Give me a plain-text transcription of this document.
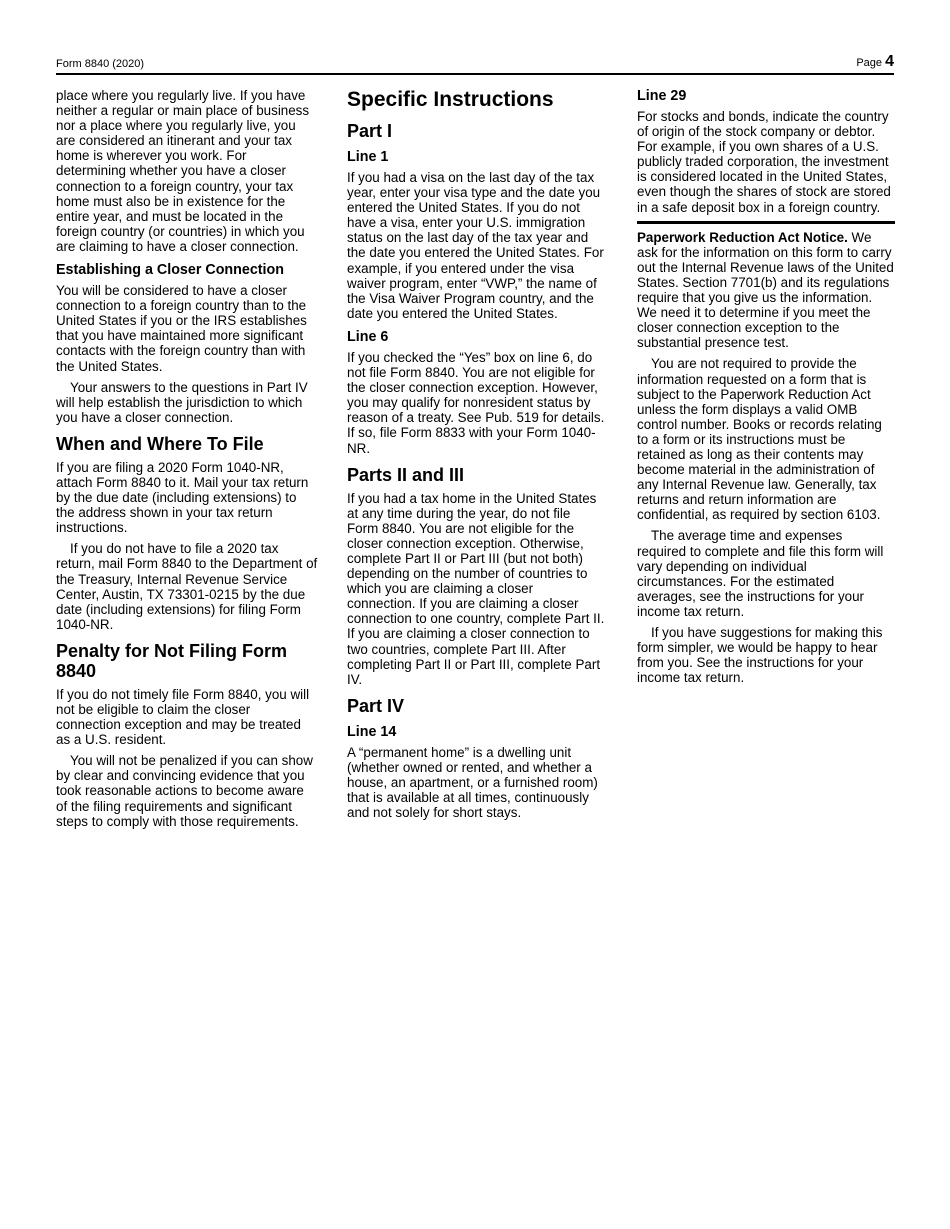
Form 8840 (2020)	Page 4

place where you regularly live. If you have neither a regular or main place of business nor a place where you regularly live, you are considered an itinerant and your tax home is wherever you work. For determining whether you have a closer connection to a foreign country, your tax home must also be in existence for the entire year, and must be located in the foreign country (or countries) in which you are claiming to have a closer connection.

Establishing a Closer Connection

You will be considered to have a closer connection to a foreign country than to the United States if you or the IRS establishes that you have maintained more significant contacts with the foreign country than with the United States.

Your answers to the questions in Part IV will help establish the jurisdiction to which you have a closer connection.

When and Where To File

If you are filing a 2020 Form 1040-NR, attach Form 8840 to it. Mail your tax return by the due date (including extensions) to the address shown in your tax return instructions.

If you do not have to file a 2020 tax return, mail Form 8840 to the Department of the Treasury, Internal Revenue Service Center, Austin, TX 73301-0215 by the due date (including extensions) for filing Form 1040-NR.

Penalty for Not Filing Form 8840

If you do not timely file Form 8840, you will not be eligible to claim the closer connection exception and may be treated as a U.S. resident.

You will not be penalized if you can show by clear and convincing evidence that you took reasonable actions to become aware of the filing requirements and significant steps to comply with those requirements.

Specific Instructions
Part I
Line 1

If you had a visa on the last day of the tax year, enter your visa type and the date you entered the United States. If you do not have a visa, enter your U.S. immigration status on the last day of the tax year and the date you entered the United States. For example, if you entered under the visa waiver program, enter “VWP,” the name of the Visa Waiver Program country, and the date you entered the United States.

Line 6

If you checked the “Yes” box on line 6, do not file Form 8840. You are not eligible for the closer connection exception. However, you may qualify for nonresident status by reason of a treaty. See Pub. 519 for details. If so, file Form 8833 with your Form 1040-NR.

Parts II and III

If you had a tax home in the United States at any time during the year, do not file Form 8840. You are not eligible for the closer connection exception. Otherwise, complete Part II or Part III (but not both) depending on the number of countries to which you are claiming a closer connection. If you are claiming a closer connection to one country, complete Part II. If you are claiming a closer connection to two countries, complete Part III. After completing Part II or Part III, complete Part IV.

Part IV
Line 14

A “permanent home” is a dwelling unit (whether owned or rented, and whether a house, an apartment, or a furnished room) that is available at all times, continuously and not solely for short stays.

Line 29

For stocks and bonds, indicate the country of origin of the stock company or debtor. For example, if you own shares of a U.S. publicly traded corporation, the investment is considered located in the United States, even though the shares of stock are stored in a safe deposit box in a foreign country.

Paperwork Reduction Act Notice. We ask for the information on this form to carry out the Internal Revenue laws of the United States. Section 7701(b) and its regulations require that you give us the information. We need it to determine if you meet the closer connection exception to the substantial presence test.

You are not required to provide the information requested on a form that is subject to the Paperwork Reduction Act unless the form displays a valid OMB control number. Books or records relating to a form or its instructions must be retained as long as their contents may become material in the administration of any Internal Revenue law. Generally, tax returns and return information are confidential, as required by section 6103.

The average time and expenses required to complete and file this form will vary depending on individual circumstances. For the estimated averages, see the instructions for your income tax return.

If you have suggestions for making this form simpler, we would be happy to hear from you. See the instructions for your income tax return.
